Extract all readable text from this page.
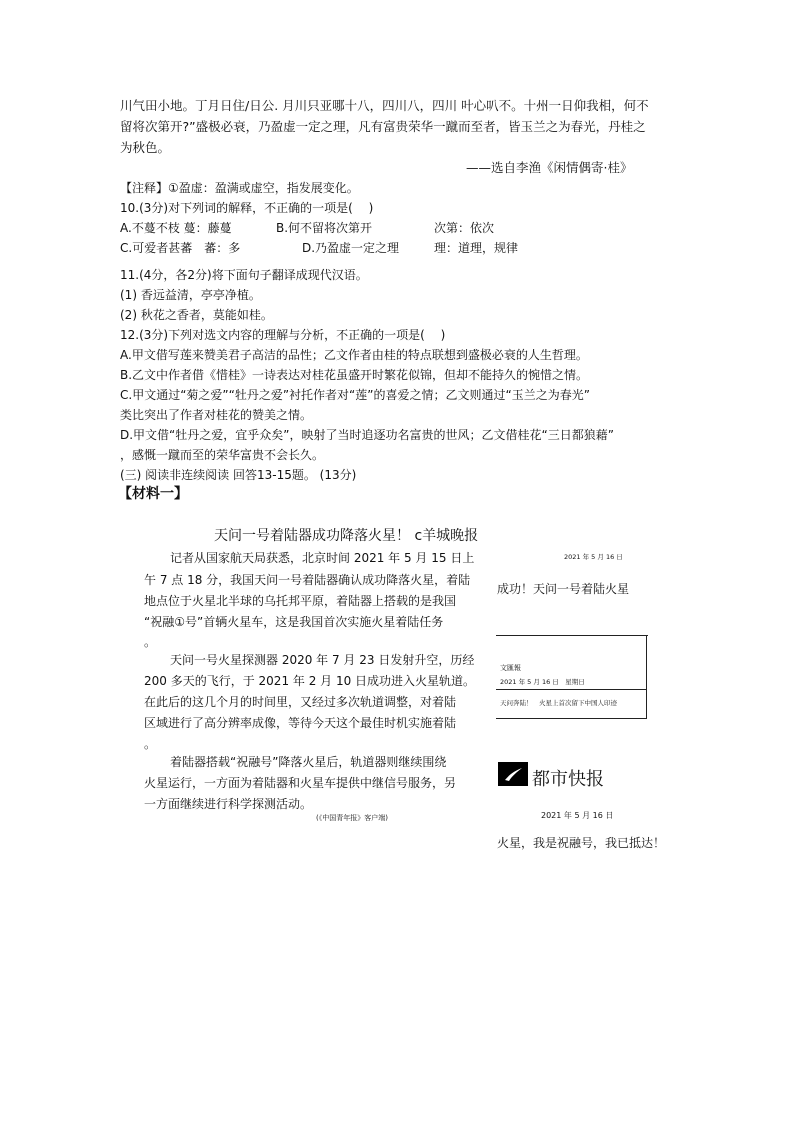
川气田小地。丁月日住/日公. 月川只亚哪十八，四川八，四川 叶心叭不。十州一日仰我相，何不
留将次第开?”盛极必衰，乃盈虚一定之理，凡有富贵荣华一蹴而至者，皆玉兰之为春光，丹桂之
为秋色。
——选自李渔《闲情偶寄·桂》
【注释】①盈虚：盈满或虚空，指发展变化。
10.(3分)对下列词的解释，不正确的一项是(　 )
A.不蔓不枝 蔓：藤蔓	B.何不留将次第开	次第：依次
C.可爱者甚蕃　蕃：多	D.乃盈虚一定之理	理：道理，规律
11.(4分，各2分)将下面句子翻译成现代汉语。
(1) 香远益清，亭亭净植。
(2) 秋花之香者，莫能如桂。
12.(3分)下列对选文内容的理解与分析，不正确的一项是(　 )
A.甲文借写莲来赞美君子高洁的品性；乙文作者由桂的特点联想到盛极必衰的人生哲理。
B.乙文中作者借《惜桂》一诗表达对桂花虽盛开时繁花似锦，但却不能持久的惋惜之情。
C.甲文通过“菊之爱”“牡丹之爱”衬托作者对“莲”的喜爱之情；乙文则通过“玉兰之为春光”
类比突出了作者对桂花的赞美之情。
D.甲文借“牡丹之爱，宜乎众矣”，映射了当时追逐功名富贵的世风；乙文借桂花“三日都狼藉”
，感慨一蹴而至的荣华富贵不会长久。
(三) 阅读非连续阅读 回答13-15题。 (13分)
【材料一】
天问一号着陆器成功降落火星！ c羊城晚报
记者从国家航天局获悉，北京时间 2021 年 5 月 15 日上
午 7 点 18 分，我国天问一号着陆器确认成功降落火星，着陆
地点位于火星北半球的乌托邦平原，着陆器上搭载的是我国
“祝融①号”首辆火星车，这是我国首次实施火星着陆任务
。
天问一号火星探测器 2020 年 7 月 23 日发射升空，历经
200 多天的飞行，于 2021 年 2 月 10 日成功进入火星轨道。
在此后的这几个月的时间里，又经过多次轨道调整，对着陆
区域进行了高分辨率成像，等待今天这个最佳时机实施着陆
。
着陆器搭载“祝融号”降落火星后，轨道器则继续围绕
火星运行，一方面为着陆器和火星车提供中继信号服务，另
一方面继续进行科学探测活动。
(《中国青年报》客户端)
2021 年 5 月 16 日
成功！天问一号着陆火星
文匯報
2021 年 5 月 16 日　星期日
天问奔陆！　火星上首次留下中国人印迹
都市快报
2021 年 5 月 16 日
火星，我是祝融号，我已抵达！
